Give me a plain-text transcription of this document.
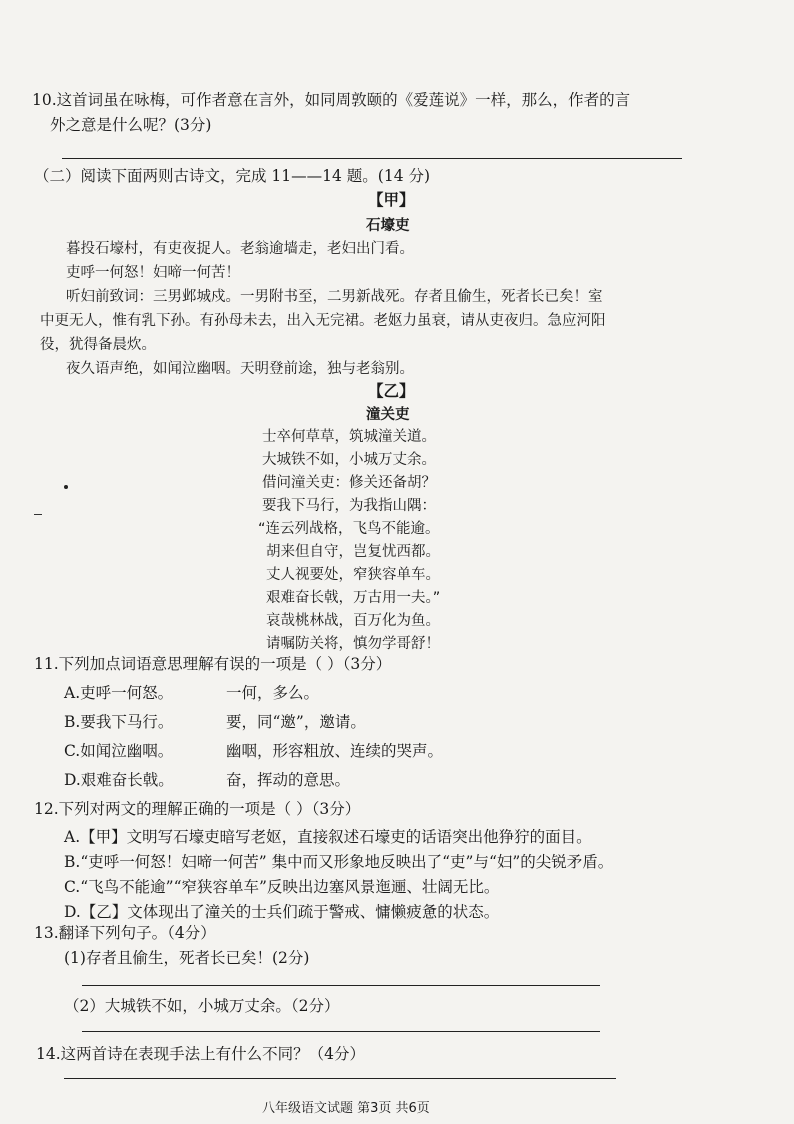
10.这首词虽在咏梅，可作者意在言外，如同周敦颐的《爱莲说》一样，那么，作者的言
外之意是什么呢？(3分)
（二）阅读下面两则古诗文，完成 11——14 题。(14 分)
【甲】
石壕吏
暮投石壕村，有吏夜捉人。老翁逾墙走，老妇出门看。
吏呼一何怒！妇啼一何苦！
听妇前致词：三男邺城戍。一男附书至，二男新战死。存者且偷生，死者长已矣！室
中更无人，惟有乳下孙。有孙母未去，出入无完裙。老妪力虽衰，请从吏夜归。急应河阳
役，犹得备晨炊。
夜久语声绝，如闻泣幽咽。天明登前途，独与老翁别。
【乙】
潼关吏
士卒何草草，筑城潼关道。
大城铁不如，小城万丈余。
借问潼关吏：修关还备胡？
要我下马行，为我指山隅：
“连云列战格，飞鸟不能逾。
胡来但自守，岂复忧西都。
丈人视要处，窄狭容单车。
艰难奋长戟，万古用一夫。”
哀哉桃林战，百万化为鱼。
请嘱防关将，慎勿学哥舒！
11.下列加点词语意思理解有误的一项是（ ）（3分）
A.吏呼一何怒。	一何，多么。
B.要我下马行。	要，同“邀”，邀请。
C.如闻泣幽咽。	幽咽，形容粗放、连续的哭声。
D.艰难奋长戟。	奋，挥动的意思。
12.下列对两文的理解正确的一项是（ ）（3分）
A.【甲】文明写石壕吏暗写老妪，直接叙述石壕吏的话语突出他狰狞的面目。
B.“吏呼一何怒！妇啼一何苦” 集中而又形象地反映出了“吏”与“妇”的尖锐矛盾。
C.“飞鸟不能逾”“窄狭容单车”反映出边塞风景迤逦、壮阔无比。
D.【乙】文体现出了潼关的士兵们疏于警戒、慵懒疲惫的状态。
13.翻译下列句子。（4分）
(1)存者且偷生，死者长已矣！(2分)
（2）大城铁不如，小城万丈余。（2分）
14.这两首诗在表现手法上有什么不同？（4分）
八年级语文试题 第3页 共6页
